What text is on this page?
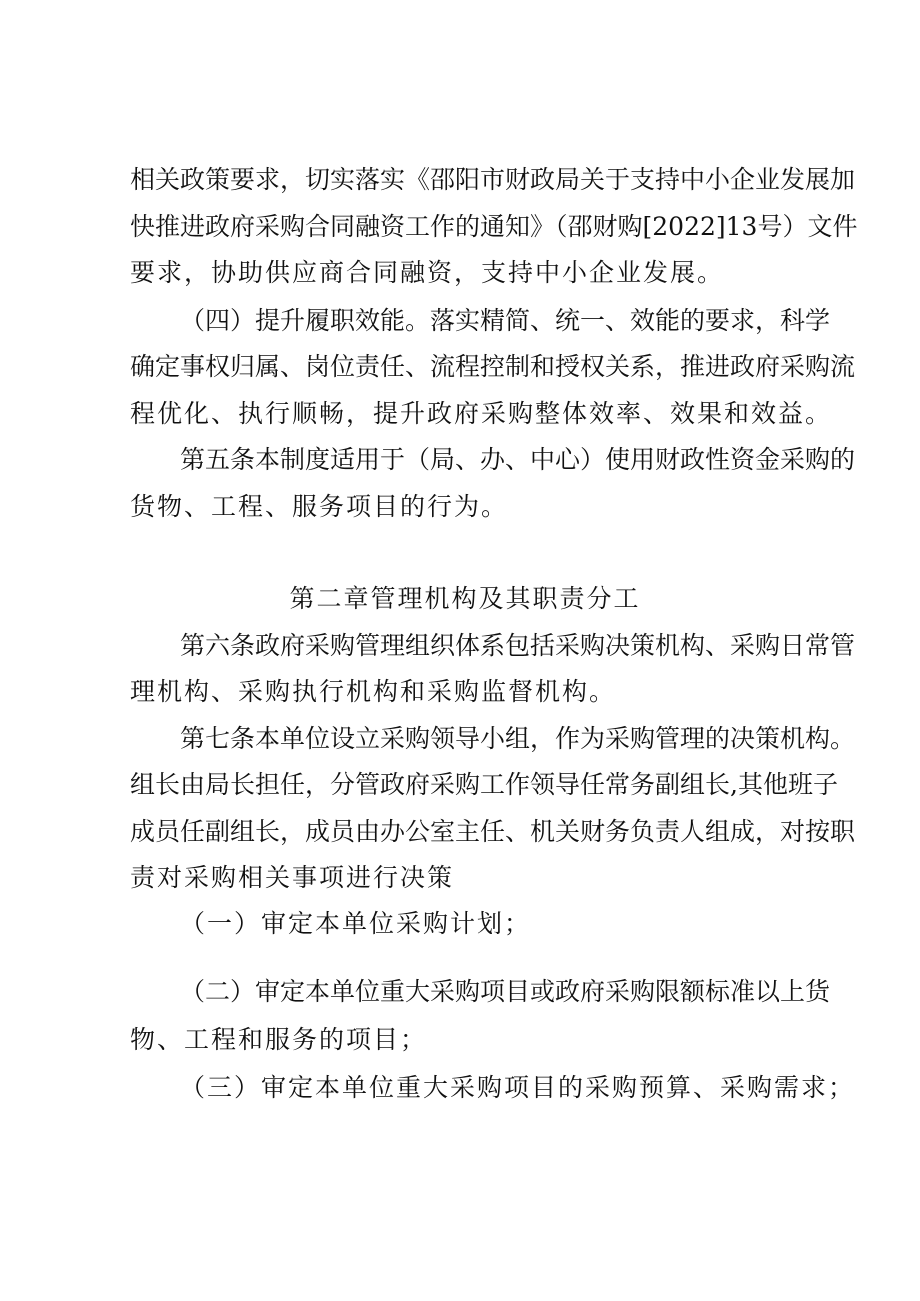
相关政策要求，切实落实《邵阳市财政局关于支持中小企业发展加
快推进政府采购合同融资工作的通知》（邵财购[2022]13号）文件
要求，协助供应商合同融资，支持中小企业发展。
（四）提升履职效能。落实精简、统一、效能的要求，科学
确定事权归属、岗位责任、流程控制和授权关系，推进政府采购流
程优化、执行顺畅，提升政府采购整体效率、效果和效益。
第五条本制度适用于（局、办、中心）使用财政性资金采购的
货物、工程、服务项目的行为。
第二章管理机构及其职责分工
第六条政府采购管理组织体系包括采购决策机构、采购日常管
理机构、采购执行机构和采购监督机构。
第七条本单位设立采购领导小组，作为采购管理的决策机构。
组长由局长担任，分管政府采购工作领导任常务副组长,其他班子
成员任副组长，成员由办公室主任、机关财务负责人组成，对按职
责对采购相关事项进行决策
（一）审定本单位采购计划；
（二）审定本单位重大采购项目或政府采购限额标准以上货
物、工程和服务的项目；
（三）审定本单位重大采购项目的采购预算、采购需求；
